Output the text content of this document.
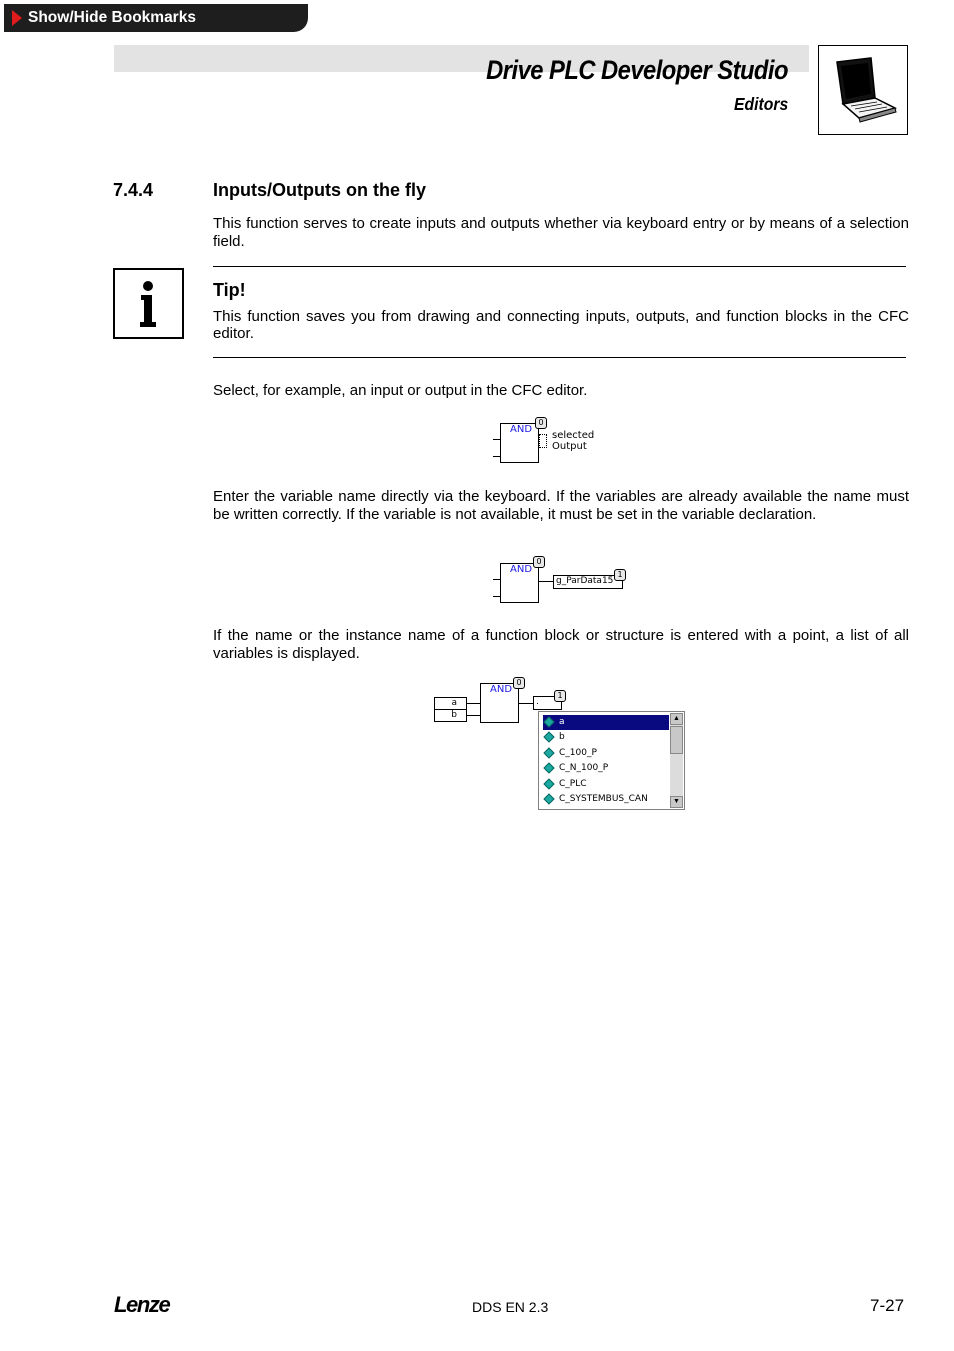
Show/Hide Bookmarks
Drive PLC Developer Studio
Editors
7.4.4	Inputs/Outputs on the fly
This function serves to create inputs and outputs whether via keyboard entry or by means of a selection field.
Tip!
This function saves you from drawing and connecting inputs, outputs, and function blocks in the CFC editor.
Select, for example, an input or output in the CFC editor.
AND
0
selected
Output
Enter the variable name directly via the keyboard. If the variables are already available the name must be written correctly. If the variable is not available, it must be set in the variable declaration.
AND
0
g_ParData15
1
If the name or the instance name of a function block or structure is entered with a point, a list of all variables is displayed.
a
b
AND
0
.
1
a
b
C_100_P
C_N_100_P
C_PLC
C_SYSTEMBUS_CAN
▲
▼
Lenze	DDS EN 2.3	7-27
